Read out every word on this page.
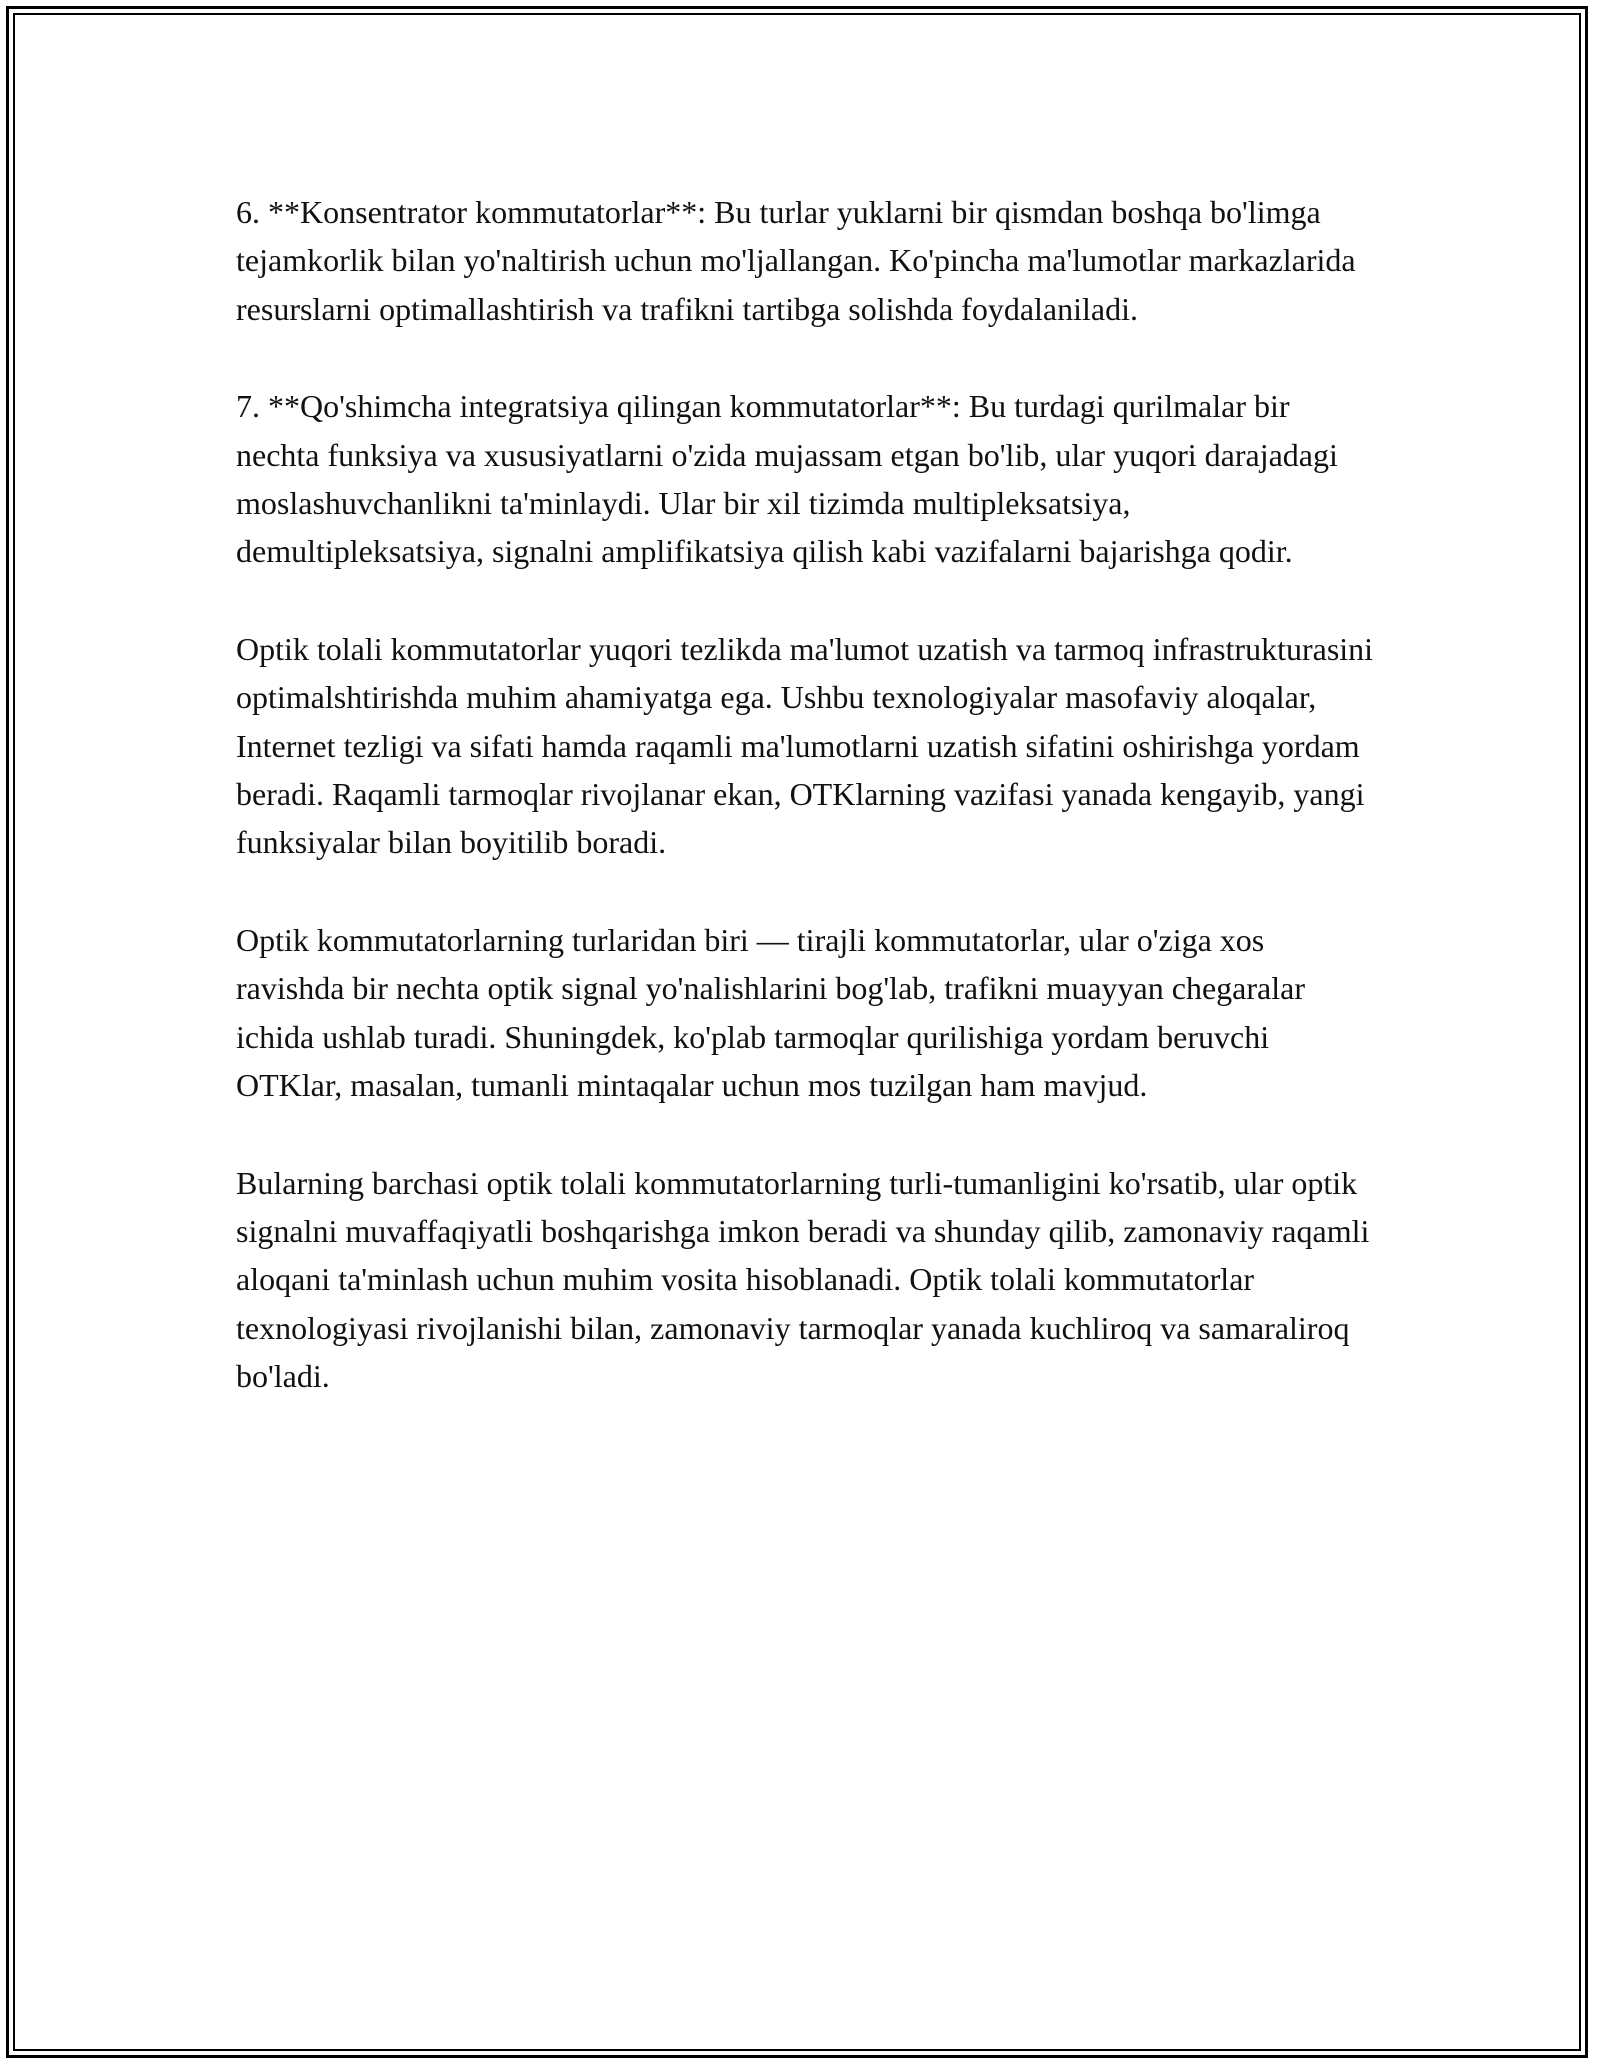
6. **Konsentrator kommutatorlar**: Bu turlar yuklarni bir qismdan boshqa bo'limga tejamkorlik bilan yo'naltirish uchun mo'ljallangan. Ko'pincha ma'lumotlar markazlarida resurslarni optimallashtirish va trafikni tartibga solishda foydalaniladi.

7. **Qo'shimcha integratsiya qilingan kommutatorlar**: Bu turdagi qurilmalar bir nechta funksiya va xususiyatlarni o'zida mujassam etgan bo'lib, ular yuqori darajadagi moslashuvchanlikni ta'minlaydi. Ular bir xil tizimda multipleksatsiya, demultipleksatsiya, signalni amplifikatsiya qilish kabi vazifalarni bajarishga qodir.

Optik tolali kommutatorlar yuqori tezlikda ma'lumot uzatish va tarmoq infrastrukturasini optimalshtirishda muhim ahamiyatga ega. Ushbu texnologiyalar masofaviy aloqalar, Internet tezligi va sifati hamda raqamli ma'lumotlarni uzatish sifatini oshirishga yordam beradi. Raqamli tarmoqlar rivojlanar ekan, OTKlarning vazifasi yanada kengayib, yangi funksiyalar bilan boyitilib boradi.

Optik kommutatorlarning turlaridan biri — tirajli kommutatorlar, ular o'ziga xos ravishda bir nechta optik signal yo'nalishlarini bog'lab, trafikni muayyan chegaralar ichida ushlab turadi. Shuningdek, ko'plab tarmoqlar qurilishiga yordam beruvchi OTKlar, masalan, tumanli mintaqalar uchun mos tuzilgan ham mavjud.

Bularning barchasi optik tolali kommutatorlarning turli-tumanligini ko'rsatib, ular optik signalni muvaffaqiyatli boshqarishga imkon beradi va shunday qilib, zamonaviy raqamli aloqani ta'minlash uchun muhim vosita hisoblanadi. Optik tolali kommutatorlar texnologiyasi rivojlanishi bilan, zamonaviy tarmoqlar yanada kuchliroq va samaraliroq bo'ladi.
